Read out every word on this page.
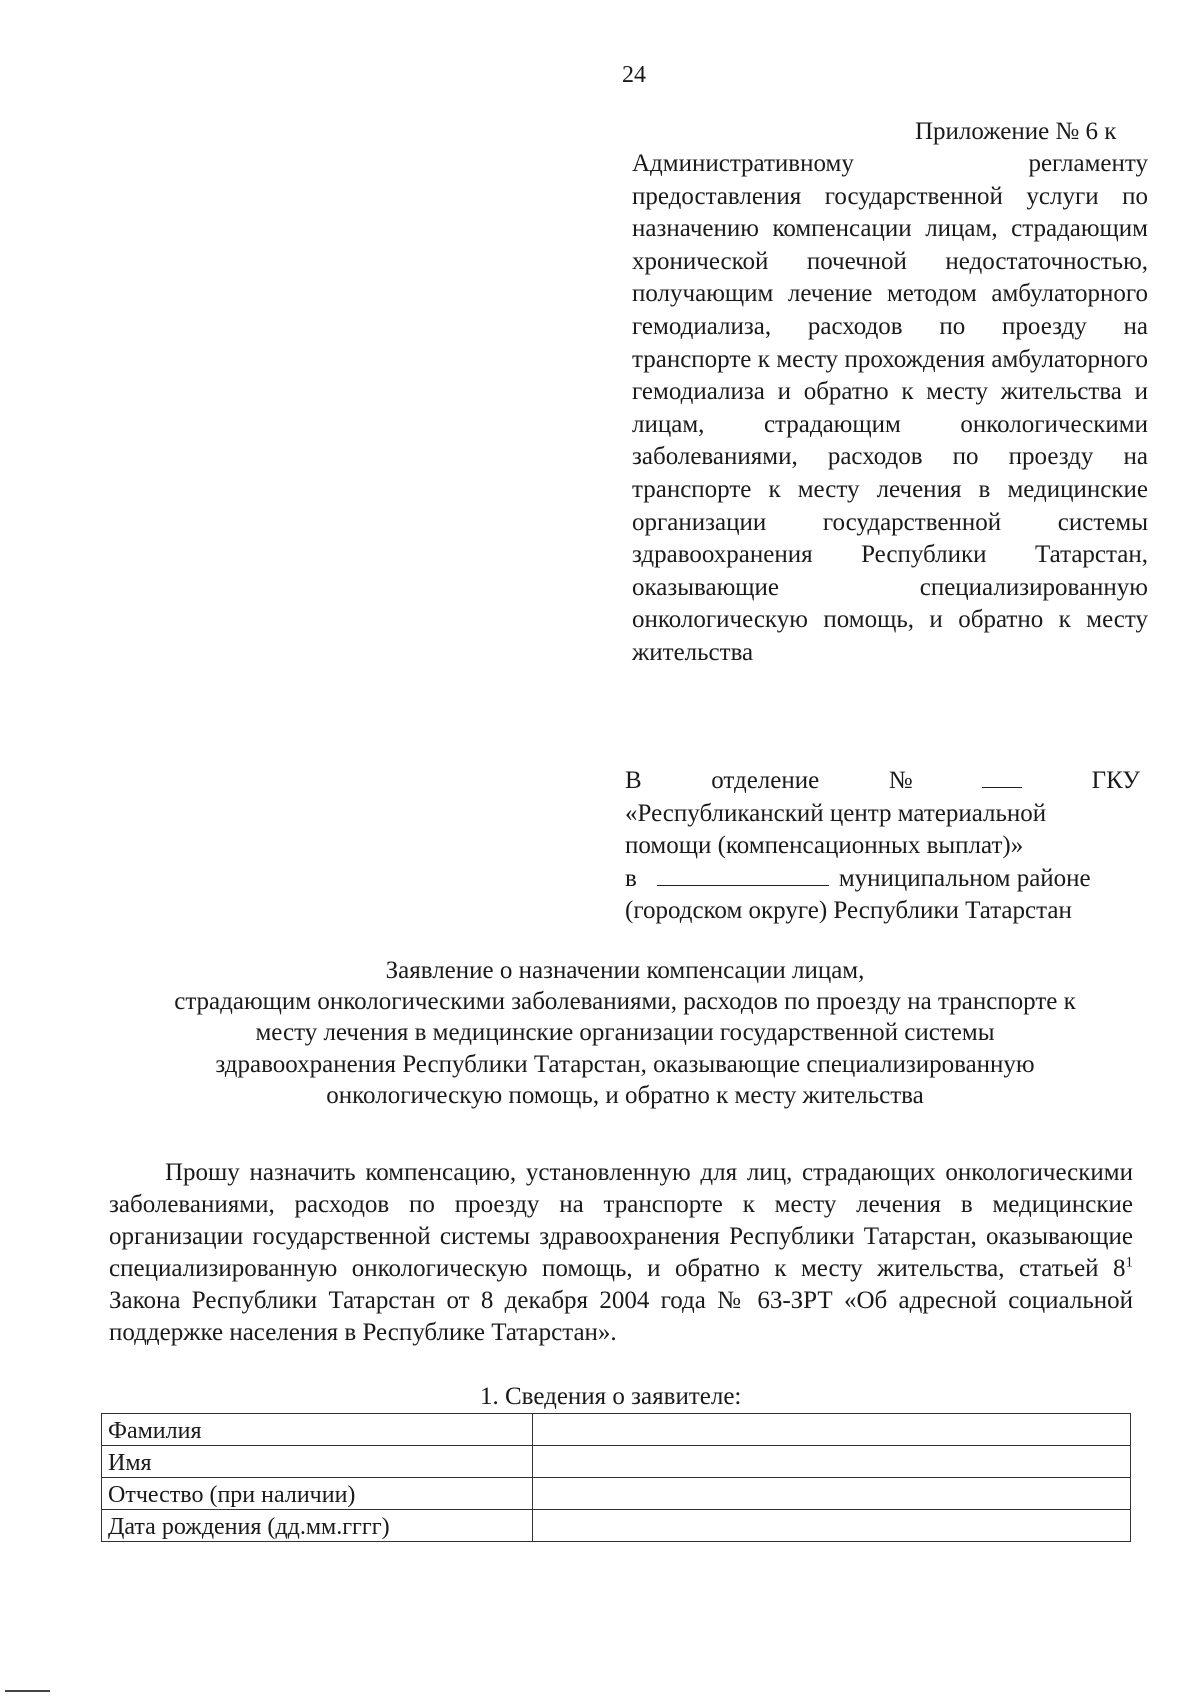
24
Приложение № 6 к
Административному регламенту предоставления государственной услуги по назначению компенсации лицам, страдающим хронической почечной недостаточностью, получающим лечение методом амбулаторного гемодиализа, расходов по проезду на транспорте к месту прохождения амбулаторного гемодиализа и обратно к месту жительства и лицам, страдающим онкологическими заболеваниями, расходов по проезду на транспорте к месту лечения в медицинские организации государственной системы здравоохранения Республики Татарстан, оказывающие специализированную онкологическую помощь, и обратно к месту жительства
В	отделение	№	ГКУ
«Республиканский центр материальной
помощи (компенсационных выплат)»
в	муниципальном районе
(городском округе) Республики Татарстан
Заявление о назначении компенсации лицам,
страдающим онкологическими заболеваниями, расходов по проезду на транспорте к
месту лечения в медицинские организации государственной системы
здравоохранения Республики Татарстан, оказывающие специализированную
онкологическую помощь, и обратно к месту жительства
Прошу назначить компенсацию, установленную для лиц, страдающих онкологическими заболеваниями, расходов по проезду на транспорте к месту лечения в медицинские организации государственной системы здравоохранения Республики Татарстан, оказывающие специализированную онкологическую помощь, и обратно к месту жительства, статьей $8^1$ Закона Республики Татарстан от 8 декабря 2004 года № 63-ЗРТ «Об адресной социальной поддержке населения в Республике Татарстан».
1. Сведения о заявителе:
Фамилия	
Имя	
Отчество (при наличии)	
Дата рождения (дд.мм.гггг)	
